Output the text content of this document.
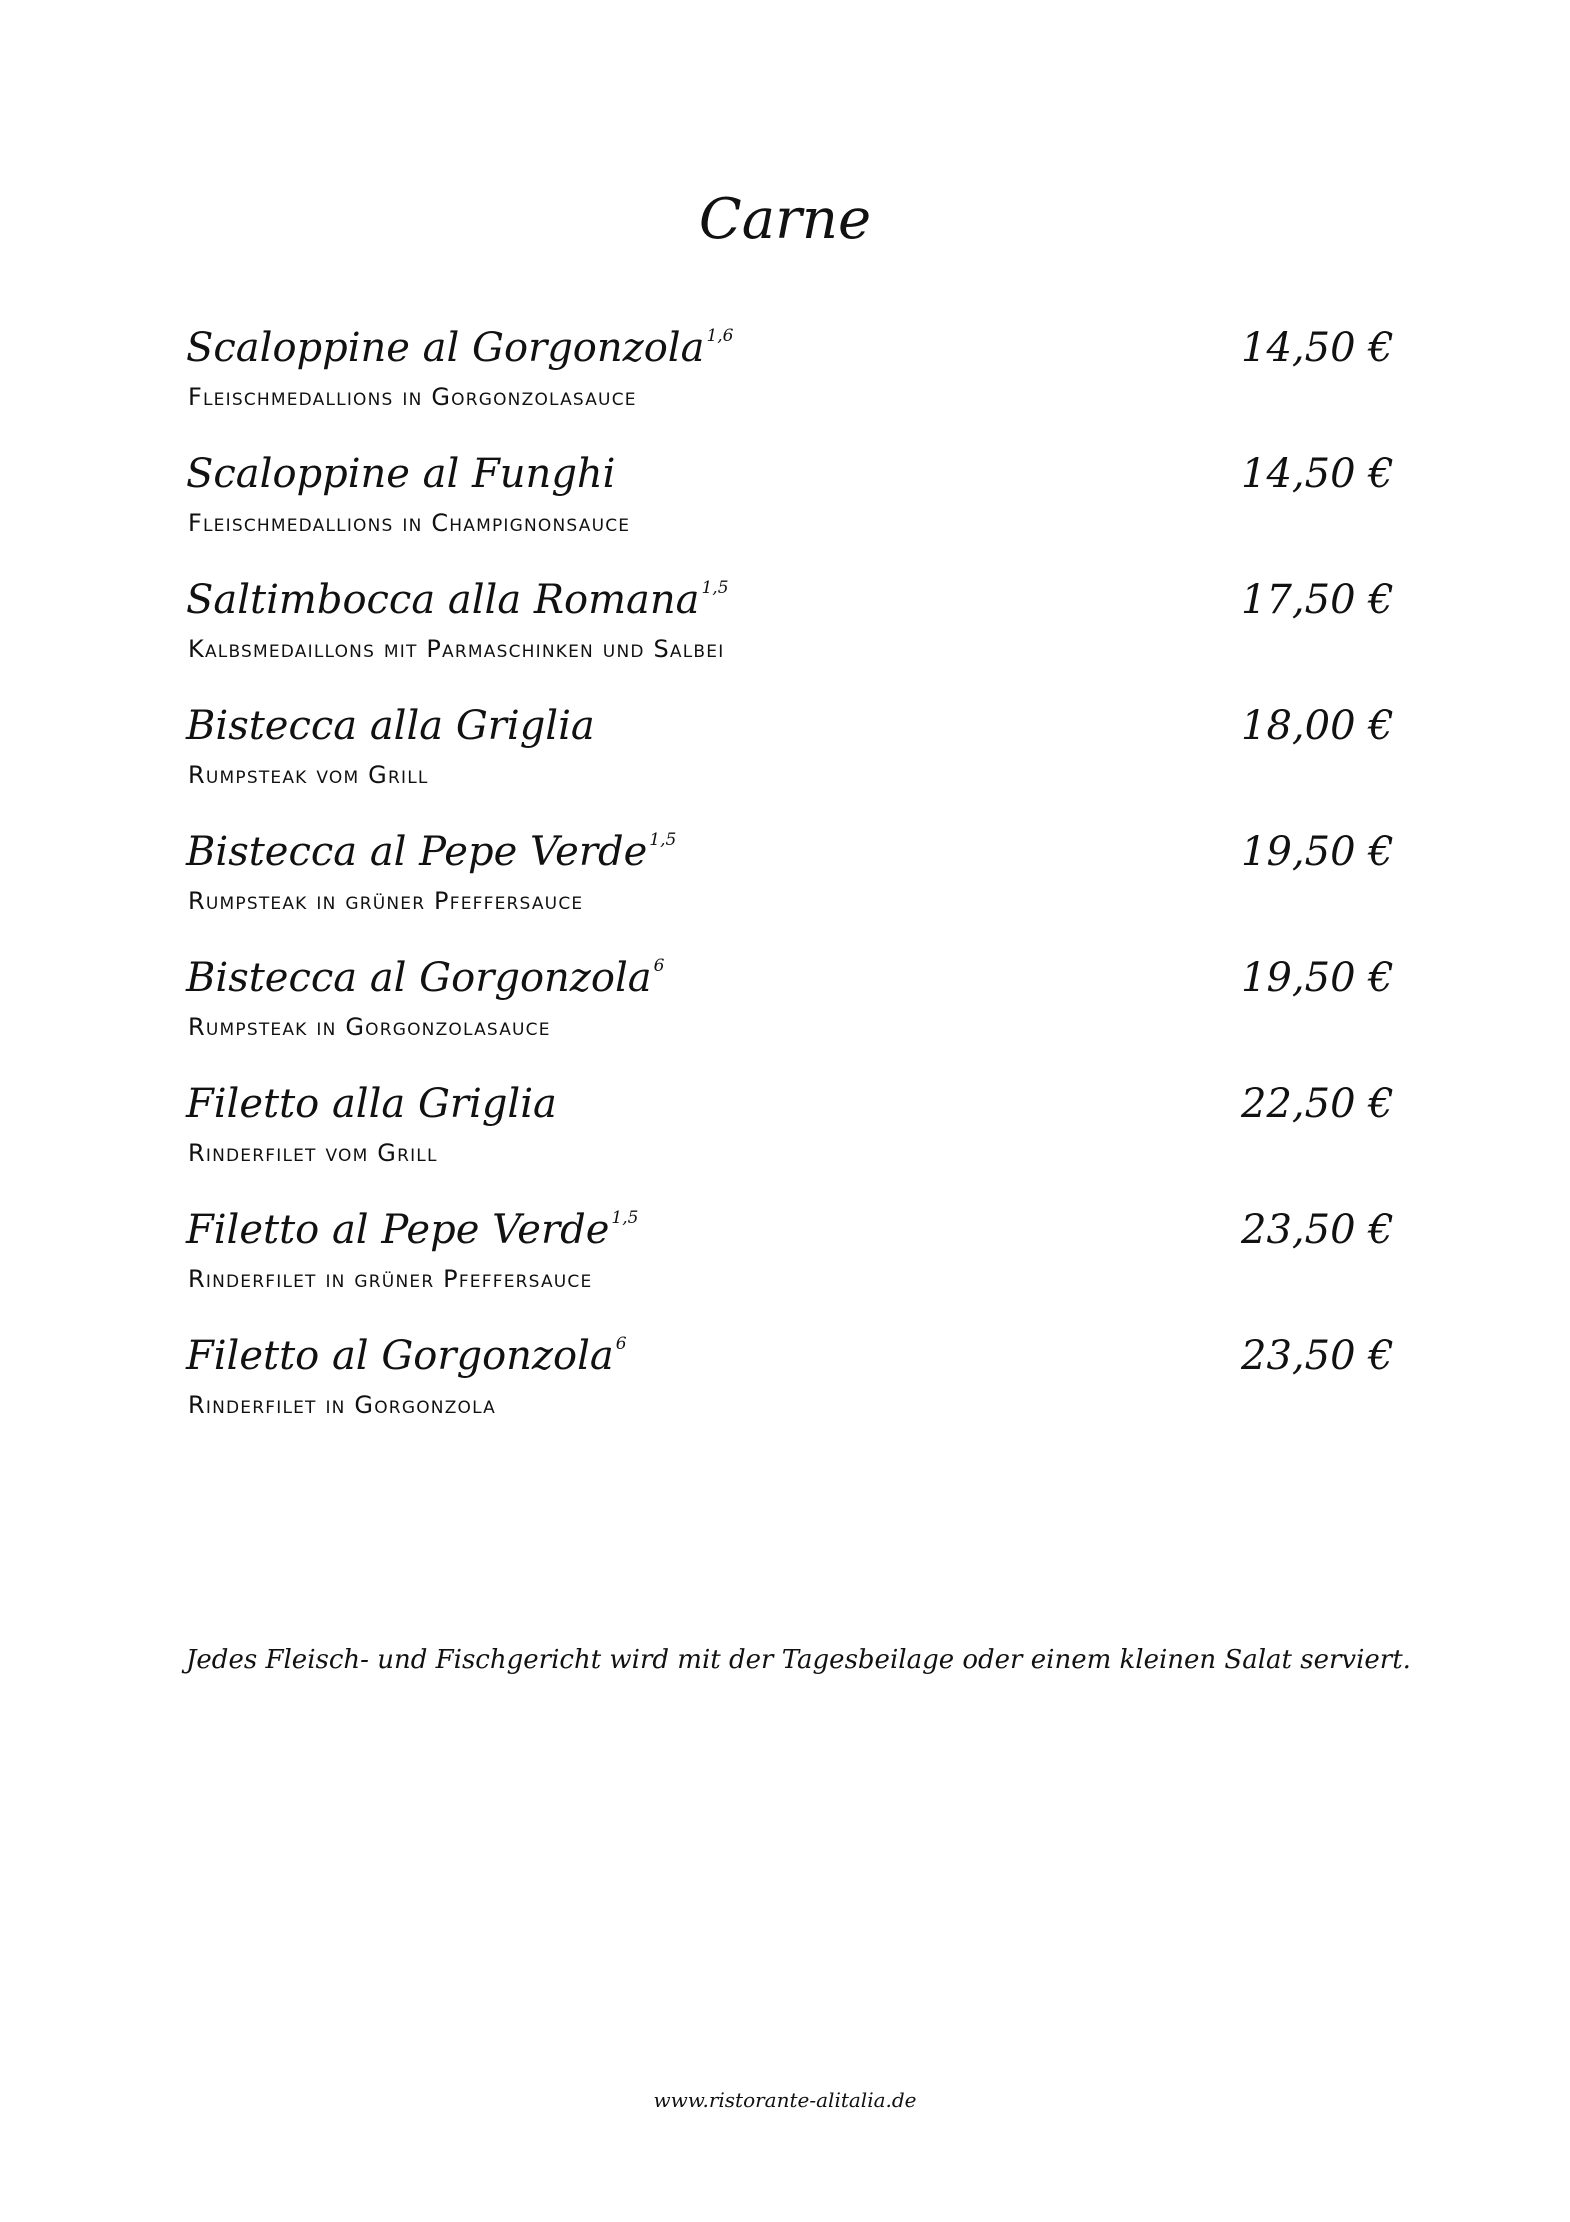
Carne
Scaloppine al Gorgonzola $^{1,6}$	14,50 €
Fleischmedallions in Gorgonzolasauce
Scaloppine al Funghi	14,50 €
Fleischmedallions in Champignonsauce
Saltimbocca alla Romana $^{1,5}$	17,50 €
Kalbsmedaillons mit Parmaschinken und Salbei
Bistecca alla Griglia	18,00 €
Rumpsteak vom Grill
Bistecca al Pepe Verde $^{1,5}$	19,50 €
Rumpsteak in grüner Pfeffersauce
Bistecca al Gorgonzola $^6$	19,50 €
Rumpsteak in Gorgonzolasauce
Filetto alla Griglia	22,50 €
Rinderfilet vom Grill
Filetto al Pepe Verde $^{1,5}$	23,50 €
Rinderfilet in grüner Pfeffersauce
Filetto al Gorgonzola $^6$	23,50 €
Rinderfilet in Gorgonzola
Jedes Fleisch- und Fischgericht wird mit der Tagesbeilage oder einem kleinen Salat serviert.
www.ristorante-alitalia.de
